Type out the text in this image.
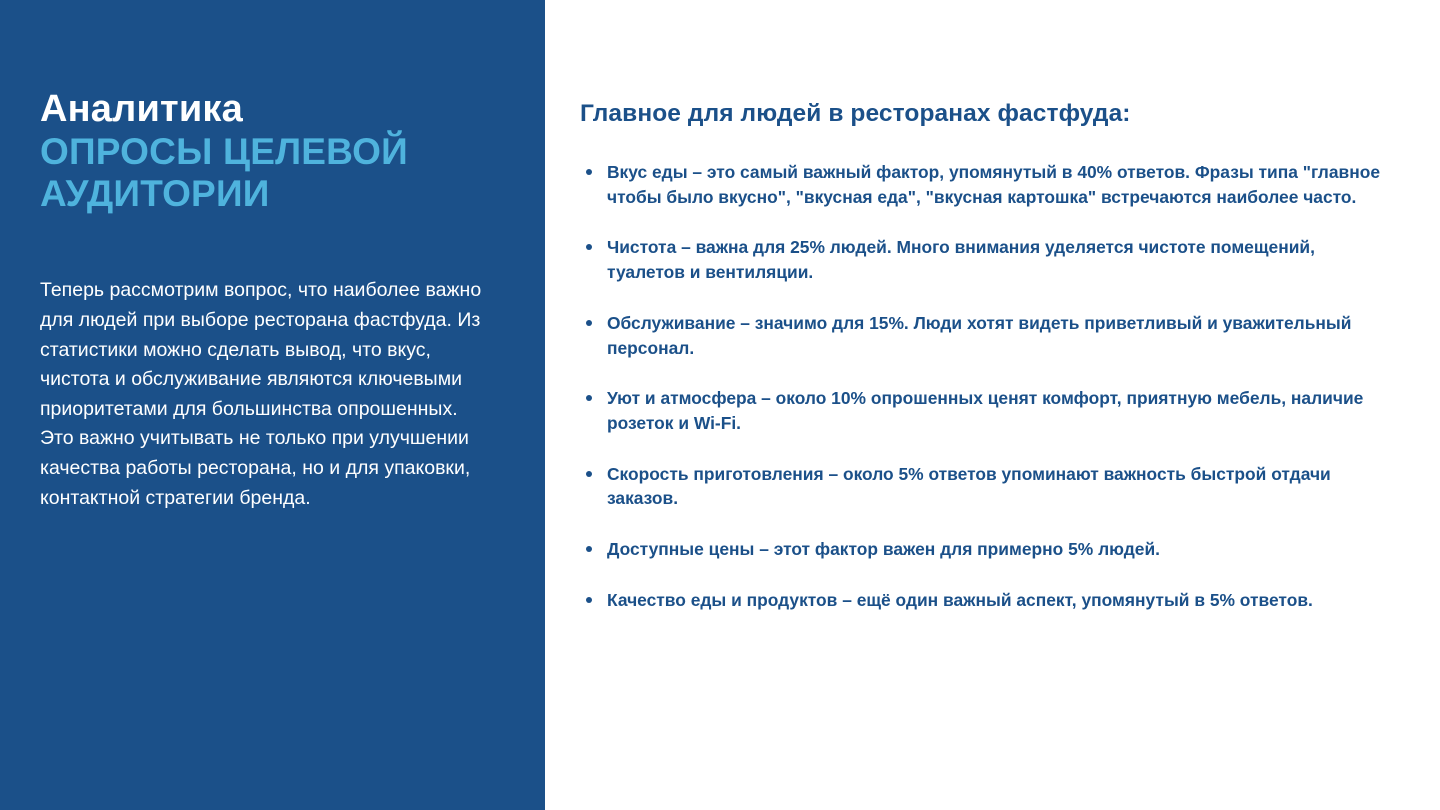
Аналитика
ОПРОСЫ ЦЕЛЕВОЙ АУДИТОРИИ
Теперь рассмотрим вопрос, что наиболее важно для людей при выборе ресторана фастфуда. Из статистики можно сделать вывод, что вкус, чистота и обслуживание являются ключевыми приоритетами для большинства опрошенных. Это важно учитывать не только при улучшении качества работы ресторана, но и для упаковки, контактной стратегии бренда.
Главное для людей в ресторанах фастфуда:
Вкус еды – это самый важный фактор, упомянутый в 40% ответов. Фразы типа "главное чтобы было вкусно", "вкусная еда", "вкусная картошка" встречаются наиболее часто.
Чистота – важна для 25% людей. Много внимания уделяется чистоте помещений, туалетов и вентиляции.
Обслуживание – значимо для 15%. Люди хотят видеть приветливый и уважительный персонал.
Уют и атмосфера – около 10% опрошенных ценят комфорт, приятную мебель, наличие розеток и Wi-Fi.
Скорость приготовления – около 5% ответов упоминают важность быстрой отдачи заказов.
Доступные цены – этот фактор важен для примерно 5% людей.
Качество еды и продуктов – ещё один важный аспект, упомянутый в 5% ответов.
